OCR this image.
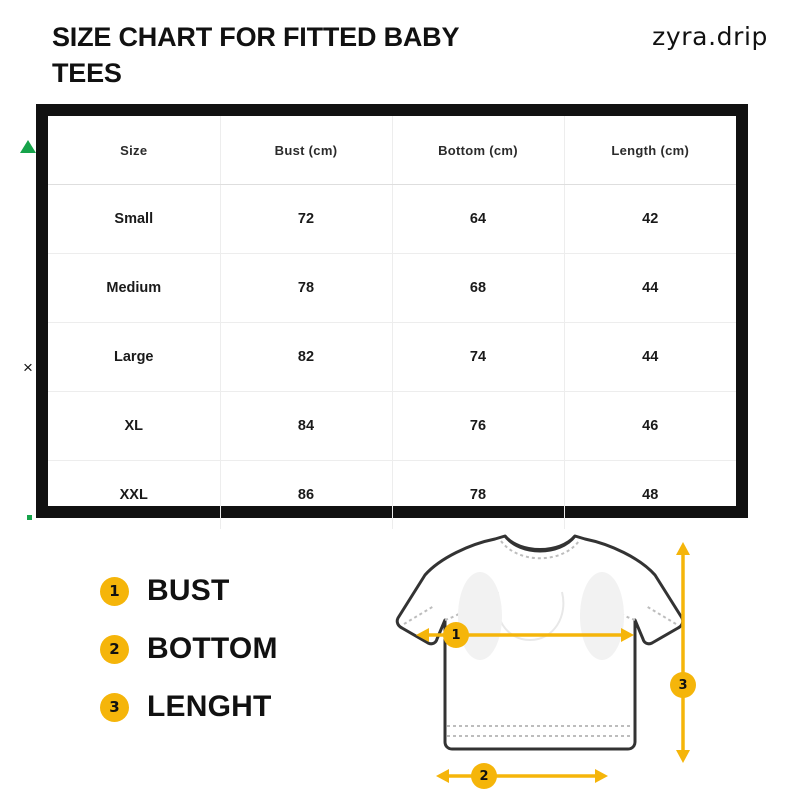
SIZE CHART FOR FITTED BABY TEES
zyra.drip
×
Size	Bust (cm)	Bottom (cm)	Length (cm)
Small	72	64	42
Medium	78	68	44
Large	82	74	44
XL	84	76	46
XXL	86	78	48
1 BUST
2 BOTTOM
3 LENGHT
1
2
3
